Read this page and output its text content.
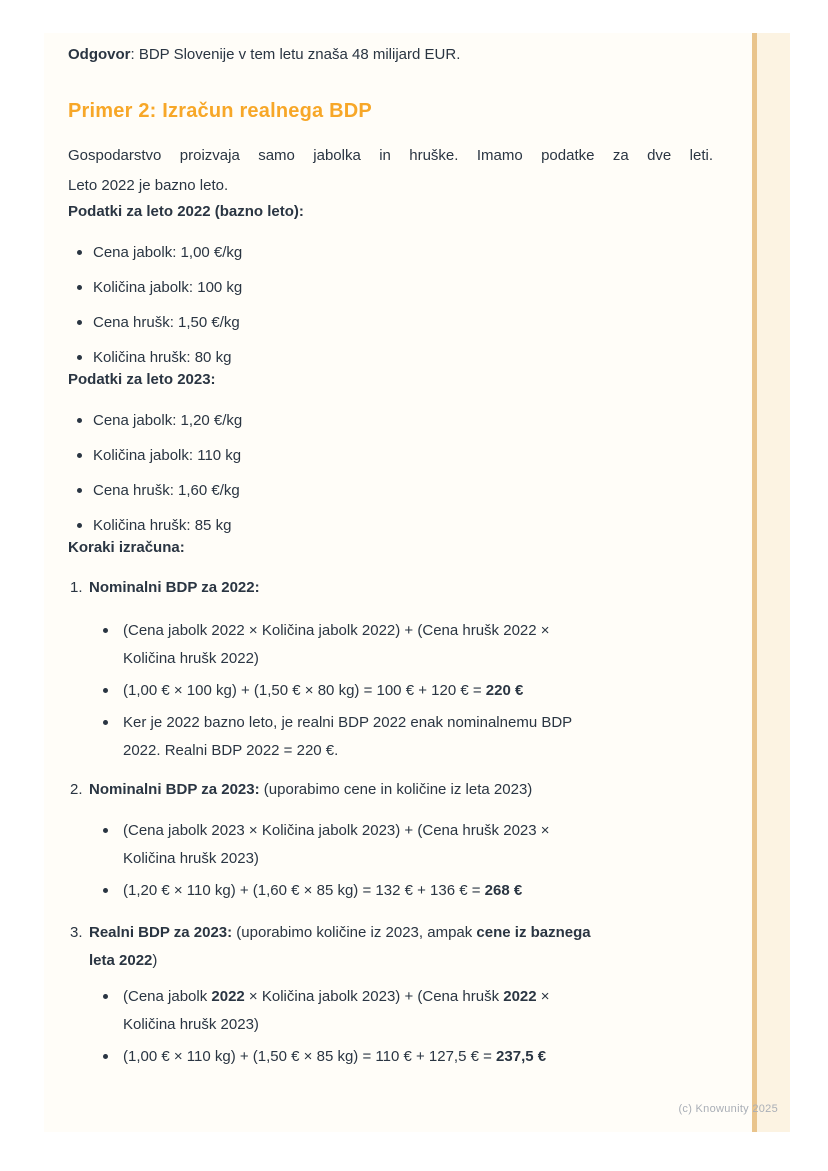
Odgovor: BDP Slovenije v tem letu znaša 48 milijard EUR.

Primer 2: Izračun realnega BDP

Gospodarstvo proizvaja samo jabolka in hruške. Imamo podatke za dve leti.
Leto 2022 je bazno leto.

Podatki za leto 2022 (bazno leto):
Cena jabolk: 1,00 €/kg
Količina jabolk: 100 kg
Cena hrušk: 1,50 €/kg
Količina hrušk: 80 kg
Podatki za leto 2023:
Cena jabolk: 1,20 €/kg
Količina jabolk: 110 kg
Cena hrušk: 1,60 €/kg
Količina hrušk: 85 kg
Koraki izračuna:
1. Nominalni BDP za 2022:
(Cena jabolk 2022 × Količina jabolk 2022) + (Cena hrušk 2022 ×
Količina hrušk 2022)
(1,00 € × 100 kg) + (1,50 € × 80 kg) = 100 € + 120 € = 220 €
Ker je 2022 bazno leto, je realni BDP 2022 enak nominalnemu BDP
2022. Realni BDP 2022 = 220 €.
2. Nominalni BDP za 2023: (uporabimo cene in količine iz leta 2023)
(Cena jabolk 2023 × Količina jabolk 2023) + (Cena hrušk 2023 ×
Količina hrušk 2023)
(1,20 € × 110 kg) + (1,60 € × 85 kg) = 132 € + 136 € = 268 €
3. Realni BDP za 2023: (uporabimo količine iz 2023, ampak cene iz baznega
leta 2022)
(Cena jabolk 2022 × Količina jabolk 2023) + (Cena hrušk 2022 ×
Količina hrušk 2023)
(1,00 € × 110 kg) + (1,50 € × 85 kg) = 110 € + 127,5 € = 237,5 €
(c) Knowunity 2025
